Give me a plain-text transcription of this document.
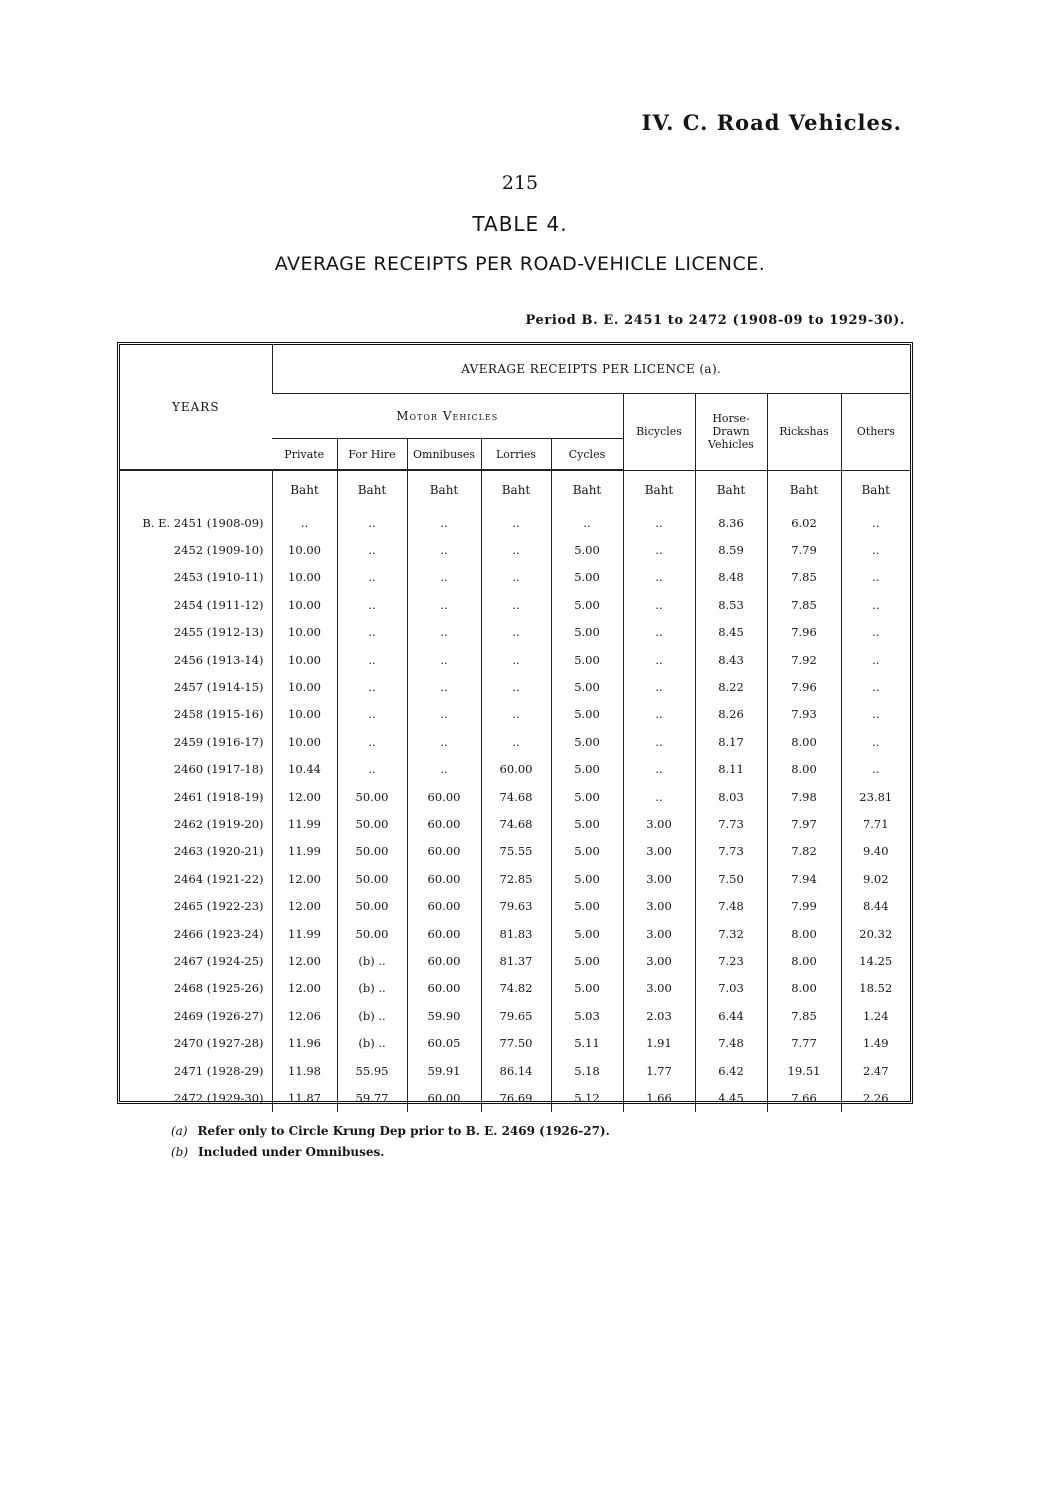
IV. C. Road Vehicles.
215
TABLE 4.
AVERAGE RECEIPTS PER ROAD-VEHICLE LICENCE.
Period B. E. 2451 to 2472 (1908-09 to 1929-30).
YEARS	AVERAGE RECEIPTS PER LICENCE (a).								
	Motor Vehicles					Bicycles	Horse-Drawn Vehicles	Rickshas	Others
	Private	For Hire	Omnibuses	Lorries	Cycles				
	Baht	Baht	Baht	Baht	Baht	Baht	Baht	Baht	Baht
B. E. 2451 (1908-09)	..	..	..	..	..	..	8.36	6.02	..
2452 (1909-10)	10.00	..	..	..	5.00	..	8.59	7.79	..
2453 (1910-11)	10.00	..	..	..	5.00	..	8.48	7.85	..
2454 (1911-12)	10.00	..	..	..	5.00	..	8.53	7.85	..
2455 (1912-13)	10.00	..	..	..	5.00	..	8.45	7.96	..
2456 (1913-14)	10.00	..	..	..	5.00	..	8.43	7.92	..
2457 (1914-15)	10.00	..	..	..	5.00	..	8.22	7.96	..
2458 (1915-16)	10.00	..	..	..	5.00	..	8.26	7.93	..
2459 (1916-17)	10.00	..	..	..	5.00	..	8.17	8.00	..
2460 (1917-18)	10.44	..	..	60.00	5.00	..	8.11	8.00	..
2461 (1918-19)	12.00	50.00	60.00	74.68	5.00	..	8.03	7.98	23.81
2462 (1919-20)	11.99	50.00	60.00	74.68	5.00	3.00	7.73	7.97	7.71
2463 (1920-21)	11.99	50.00	60.00	75.55	5.00	3.00	7.73	7.82	9.40
2464 (1921-22)	12.00	50.00	60.00	72.85	5.00	3.00	7.50	7.94	9.02
2465 (1922-23)	12.00	50.00	60.00	79.63	5.00	3.00	7.48	7.99	8.44
2466 (1923-24)	11.99	50.00	60.00	81.83	5.00	3.00	7.32	8.00	20.32
2467 (1924-25)	12.00	(b) ..	60.00	81.37	5.00	3.00	7.23	8.00	14.25
2468 (1925-26)	12.00	(b) ..	60.00	74.82	5.00	3.00	7.03	8.00	18.52
2469 (1926-27)	12.06	(b) ..	59.90	79.65	5.03	2.03	6.44	7.85	1.24
2470 (1927-28)	11.96	(b) ..	60.05	77.50	5.11	1.91	7.48	7.77	1.49
2471 (1928-29)	11.98	55.95	59.91	86.14	5.18	1.77	6.42	19.51	2.47
2472 (1929-30)	11.87	59.77	60.00	76.69	5.12	1.66	4.45	7.66	2.26

(a) Refer only to Circle Krung Dep prior to B. E. 2469 (1926-27).

(b) Included under Omnibuses.
